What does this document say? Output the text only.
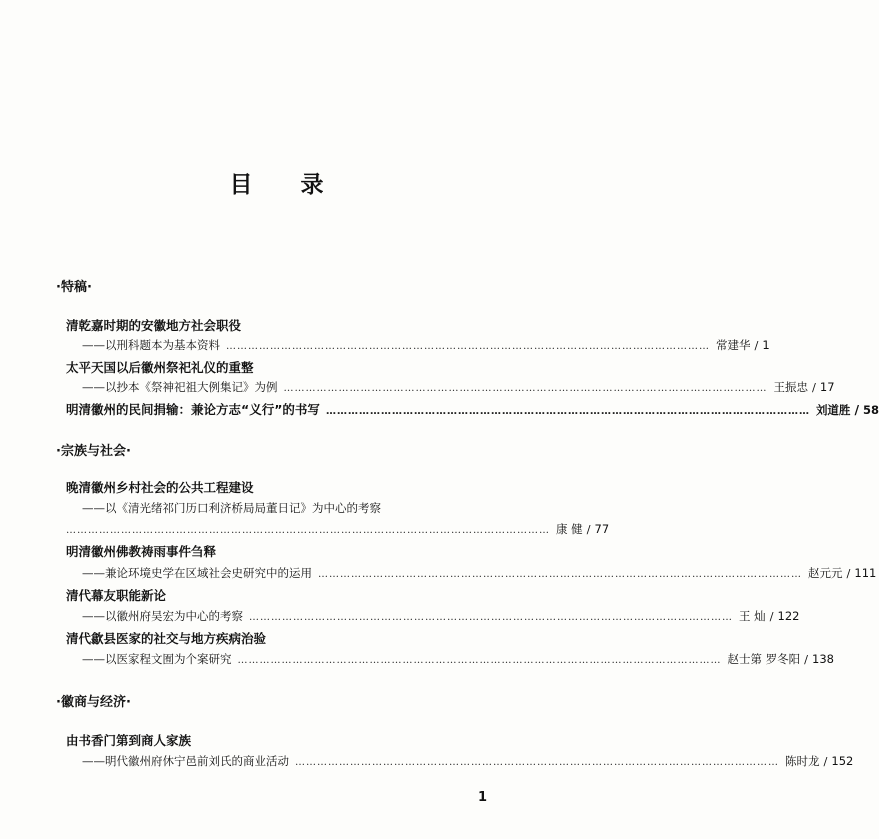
目 录
·特稿·
清乾嘉时期的安徽地方社会职役
——以刑科题本为基本资料 …………………………………………………………………………………………………………………… 常建华 / 1
太平天国以后徽州祭祀礼仪的重整
——以抄本《祭神祀祖大例集记》为例 …………………………………………………………………………………………………………………… 王振忠 / 17
明清徽州的民间捐输：兼论方志“义行”的书写 …………………………………………………………………………………………………………………… 刘道胜 / 58
·宗族与社会·
晚清徽州乡村社会的公共工程建设
——以《清光绪祁门历口利济桥局局董日记》为中心的考察
…………………………………………………………………………………………………………………… 康 健 / 77
明清徽州佛教祷雨事件刍释
——兼论环境史学在区域社会史研究中的运用 …………………………………………………………………………………………………………………… 赵元元 / 111
清代幕友职能新论
——以徽州府吴宏为中心的考察 …………………………………………………………………………………………………………………… 王 灿 / 122
清代歙县医家的社交与地方疾病治验
——以医家程文囿为个案研究 …………………………………………………………………………………………………………………… 赵士第 罗冬阳 / 138
·徽商与经济·
由书香门第到商人家族
——明代徽州府休宁邑前刘氏的商业活动 …………………………………………………………………………………………………………………… 陈时龙 / 152
1
